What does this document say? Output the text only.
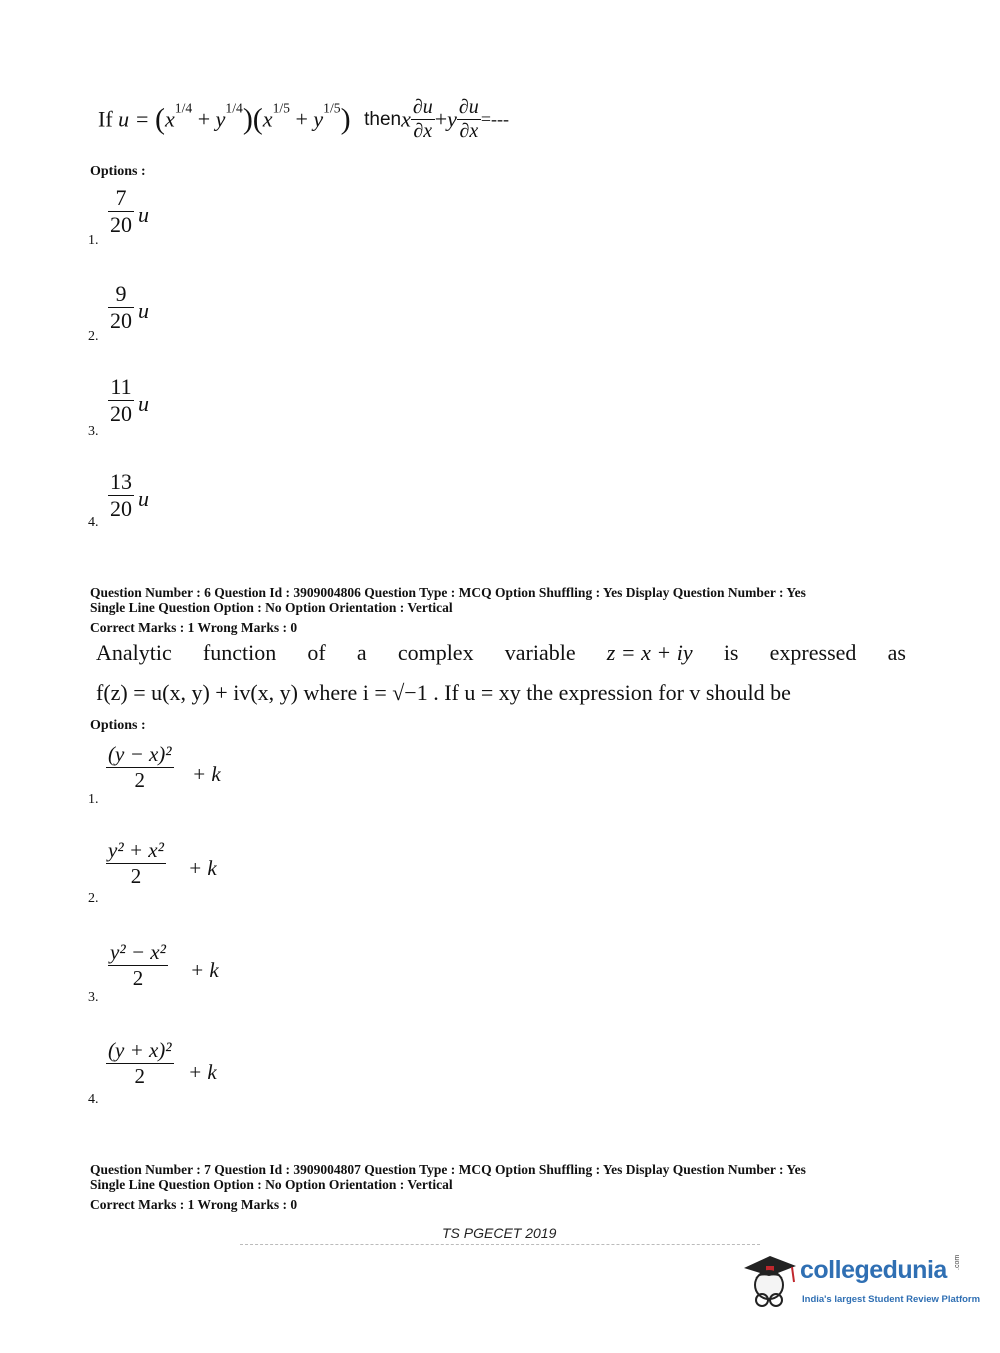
If $u = (x^{1/4} + y^{1/4})(x^{1/5} + y^{1/5})$ thenx $\frac{\partial u}{\partial x} +y \frac{\partial u}{\partial x}$ =---
Options :
1.
$\frac{7}{20}$ u
2.
$\frac{9}{20}$ u
3.
$\frac{11}{20}$ u
4.
$\frac{13}{20}$ u
Question Number : 6 Question Id : 3909004806 Question Type : MCQ Option Shuffling : Yes Display Question Number : Yes
Single Line Question Option : No Option Orientation : Vertical
Correct Marks : 1 Wrong Marks : 0
Analytic function of a complex variable z = x + iy is expressed as
f(z) = u(x, y) + iv(x, y) where i = √−1 . If u = xy the expression for v should be
Options :
1.
$\frac{\text{(y − x)²}}{2} + k$
2.
$\frac{\text{y² + x²}}{2} + k$
3.
$\frac{\text{y² − x²}}{2} + k$
4.
$\frac{\text{(y + x)²}}{2} + k$
Question Number : 7 Question Id : 3909004807 Question Type : MCQ Option Shuffling : Yes Display Question Number : Yes
Single Line Question Option : No Option Orientation : Vertical
Correct Marks : 1 Wrong Marks : 0
TS PGECET 2019
collegedunia .com
India's largest Student Review Platform
